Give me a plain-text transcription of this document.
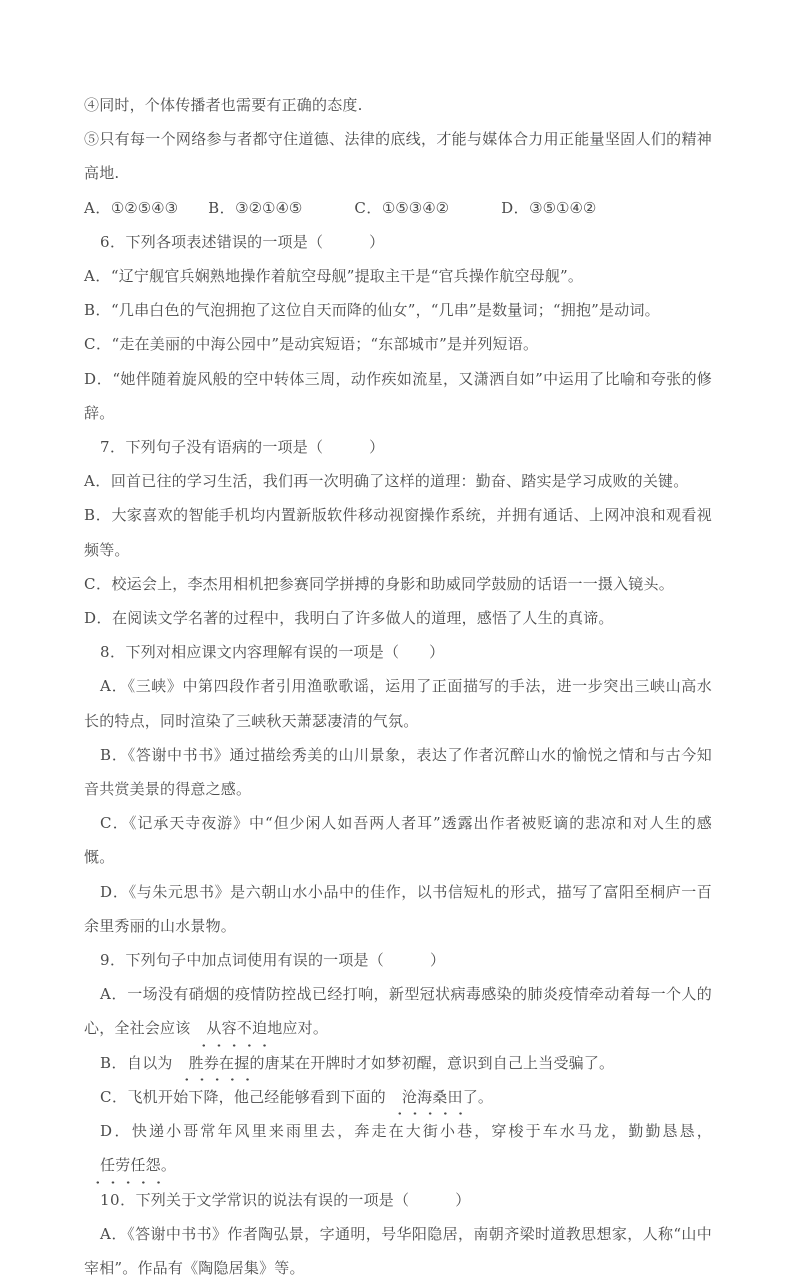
④同时，个体传播者也需要有正确的态度.

⑤只有每一个网络参与者都守住道德、法律的底线，才能与媒体合力用正能量坚固人们的精神高地.

A．①②⑤④③ B．③②①④⑤	C．①⑤③④②	D．③⑤①④②

6．下列各项表述错误的一项是（	）

A．“辽宁舰官兵娴熟地操作着航空母舰”提取主干是“官兵操作航空母舰”。

B．“几串白色的气泡拥抱了这位自天而降的仙女”，“几串”是数量词；“拥抱”是动词。

C．“走在美丽的中海公园中”是动宾短语；“东部城市”是并列短语。

D．“她伴随着旋风般的空中转体三周，动作疾如流星，又潇洒自如”中运用了比喻和夸张的修辞。

7．下列句子没有语病的一项是（	）

A．回首已往的学习生活，我们再一次明确了这样的道理：勤奋、踏实是学习成败的关键。

B．大家喜欢的智能手机均内置新版软件移动视窗操作系统，并拥有通话、上网冲浪和观看视频等。

C．校运会上，李杰用相机把参赛同学拼搏的身影和助威同学鼓励的话语一一摄入镜头。

D．在阅读文学名著的过程中，我明白了许多做人的道理，感悟了人生的真谛。

8．下列对相应课文内容理解有误的一项是（ ）

A．《三峡》中第四段作者引用渔歌歌谣，运用了正面描写的手法，进一步突出三峡山高水长的特点，同时渲染了三峡秋天萧瑟凄清的气氛。

B．《答谢中书书》通过描绘秀美的山川景象，表达了作者沉醉山水的愉悦之情和与古今知音共赏美景的得意之感。

C．《记承天寺夜游》中“但少闲人如吾两人者耳”透露出作者被贬谪的悲凉和对人生的感慨。

D．《与朱元思书》是六朝山水小品中的佳作，以书信短札的形式，描写了富阳至桐庐一百余里秀丽的山水景物。

9．下列句子中加点词使用有误的一项是（	）

A．一场没有硝烟的疫情防控战已经打响，新型冠状病毒感染的肺炎疫情牵动着每一个人的心，全社会应该 从容不迫地应对。

B．自以为 胜券在握的唐某在开牌时才如梦初醒，意识到自己上当受骗了。

C．飞机开始下降，他己经能够看到下面的 沧海桑田了。

D．快递小哥常年风里来雨里去，奔走在大街小巷，穿梭于车水马龙，勤勤恳恳，任劳任怨。

10．下列关于文学常识的说法有误的一项是（	）

A．《答谢中书书》作者陶弘景，字通明，号华阳隐居，南朝齐梁时道教思想家，人称“山中宰相”。作品有《陶隐居集》等。
